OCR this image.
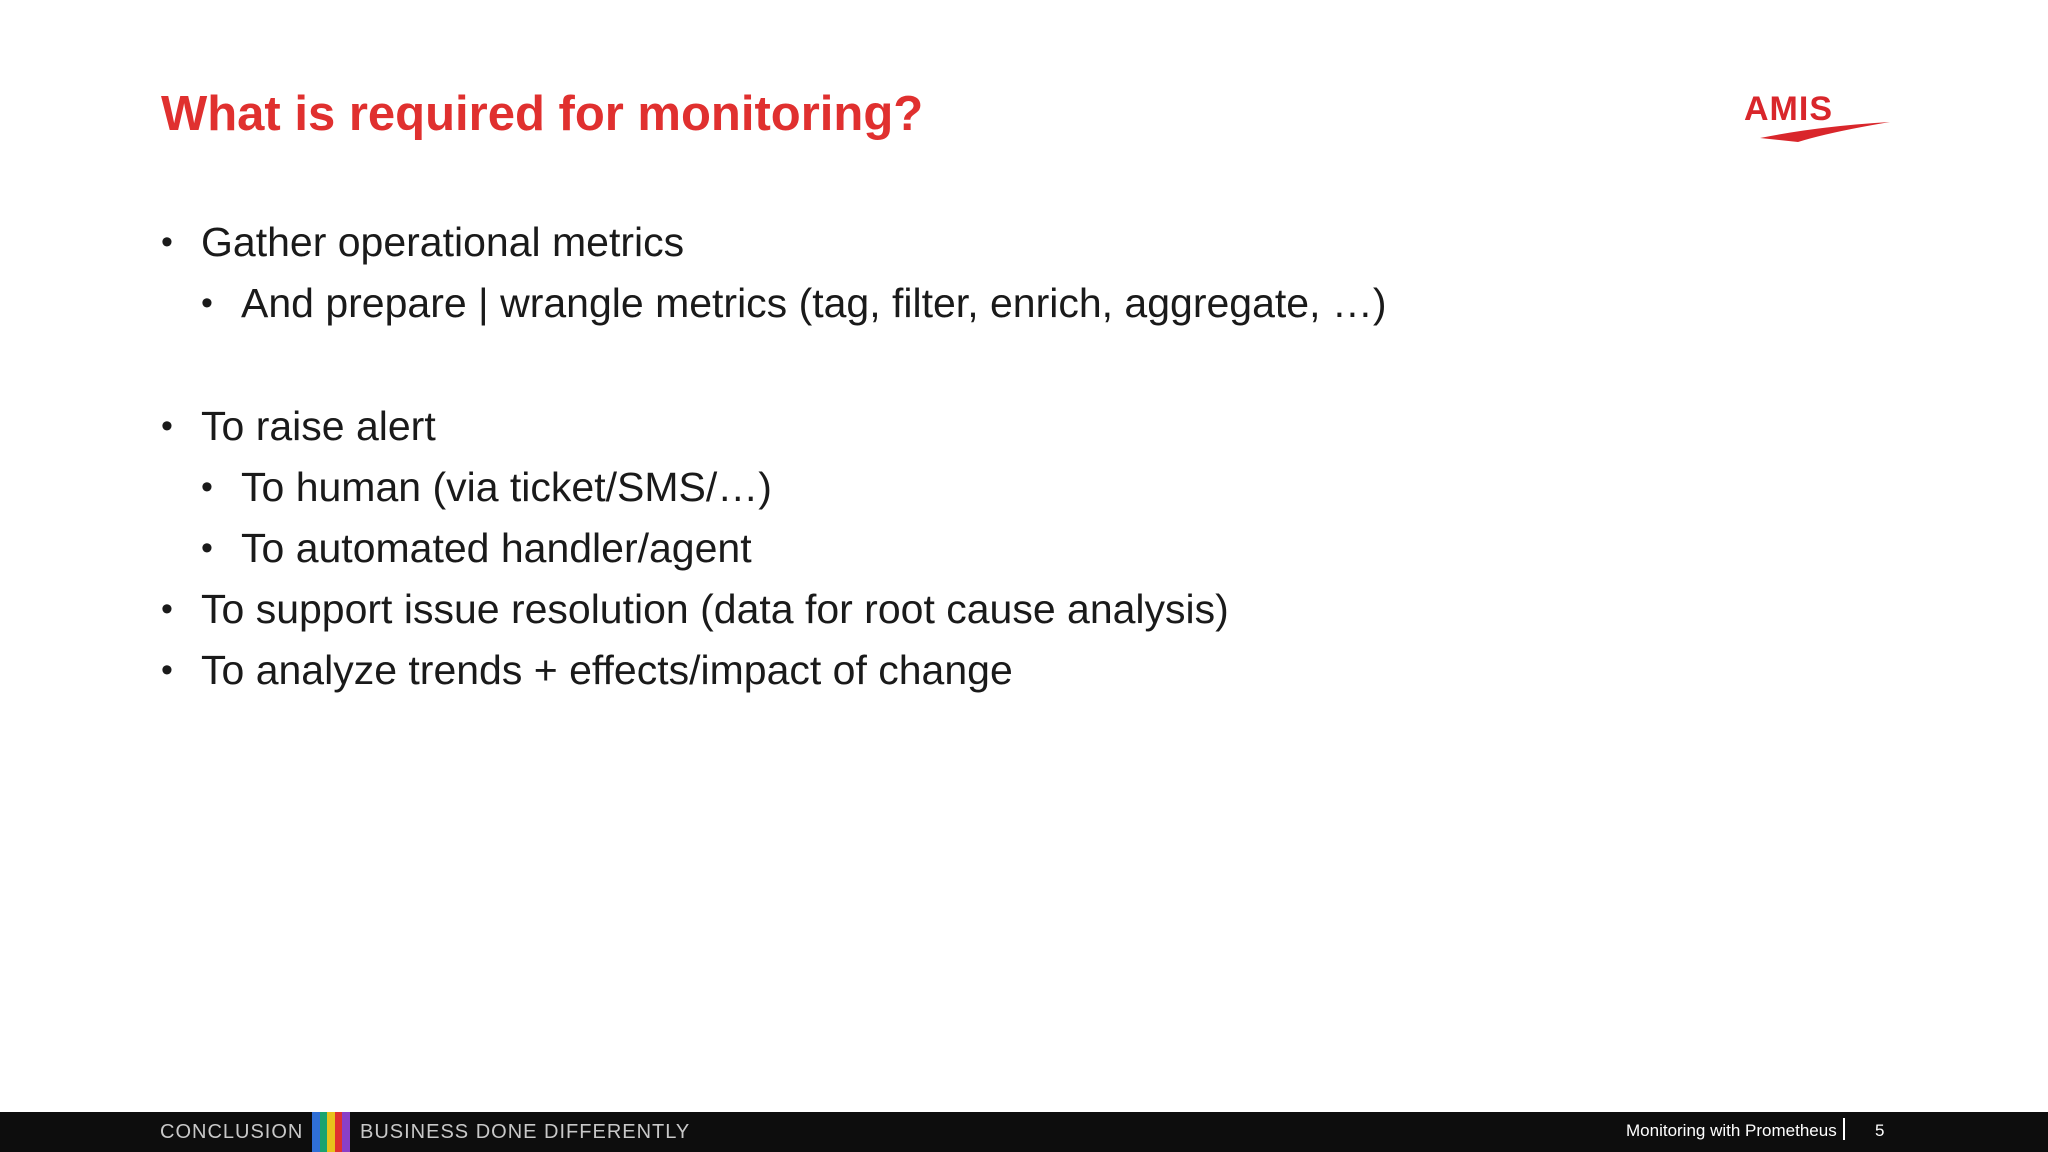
What is required for monitoring?	AMIS
• Gather operational metrics
• And prepare | wrangle metrics (tag, filter, enrich, aggregate, …)
• To raise alert
• To human (via ticket/SMS/…)
• To automated handler/agent
• To support issue resolution (data for root cause analysis)
• To analyze trends + effects/impact of change
CONCLUSION	BUSINESS DONE DIFFERENTLY	Monitoring with Prometheus 5
